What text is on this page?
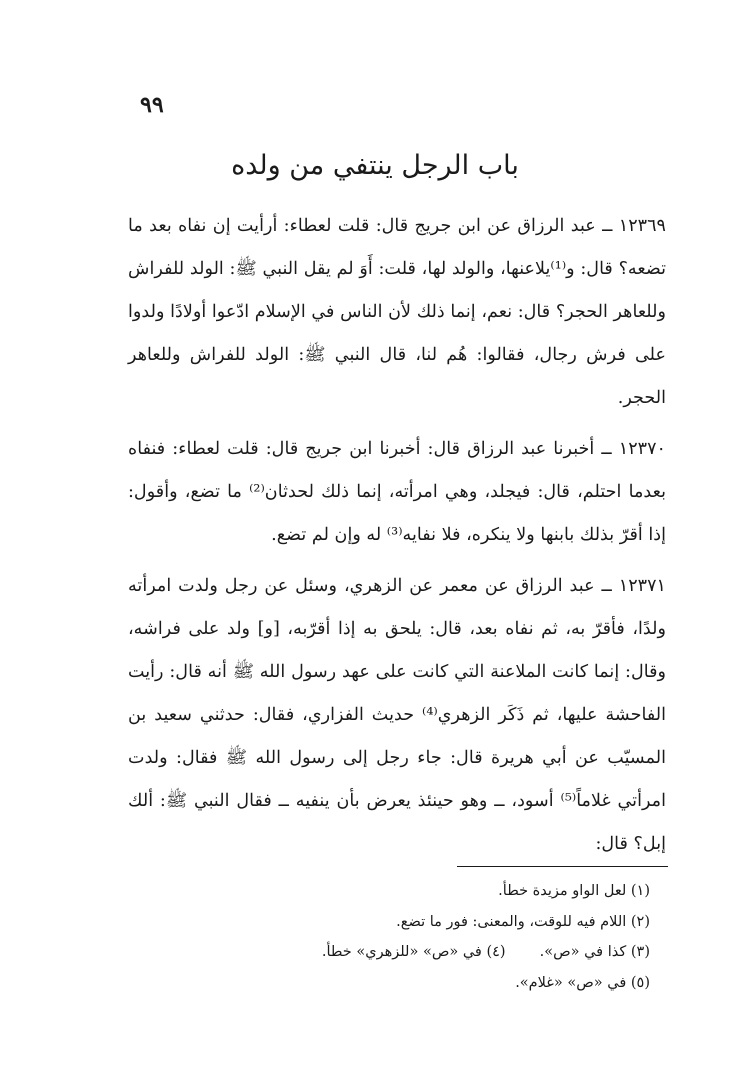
٩٩
باب الرجل ينتفي من ولده

١٢٣٦٩ ــ عبد الرزاق عن ابن جريج قال: قلت لعطاء: أرأيت إن نفاه بعد ما تضعه؟ قال: و⁽¹⁾يلاعنها، والولد لها، قلت: أَوَ لم يقل النبي ﷺ: الولد للفراش وللعاهر الحجر؟ قال: نعم، إنما ذلك لأن الناس في الإسلام ادّعوا أولادًا ولدوا على فرش رجال، فقالوا: هُم لنا، قال النبي ﷺ: الولد للفراش وللعاهر الحجر.

١٢٣٧٠ ــ أخبرنا عبد الرزاق قال: أخبرنا ابن جريج قال: قلت لعطاء: فنفاه بعدما احتلم، قال: فيجلد، وهي امرأته، إنما ذلك لحدثان⁽²⁾ ما تضع، وأقول: إذا أقرّ بذلك بابنها ولا ينكره، فلا نفايه⁽³⁾ له وإن لم تضع.

١٢٣٧١ ــ عبد الرزاق عن معمر عن الزهري، وسئل عن رجل ولدت امرأته ولدًا، فأقرّ به، ثم نفاه بعد، قال: يلحق به إذا أقرّبه، [و] ولد على فراشه، وقال: إنما كانت الملاعنة التي كانت على عهد رسول الله ﷺ أنه قال: رأيت الفاحشة عليها، ثم ذَكَر الزهري⁽⁴⁾ حديث الفزاري، فقال: حدثني سعيد بن المسيّب عن أبي هريرة قال: جاء رجل إلى رسول الله ﷺ فقال: ولدت امرأتي غلاماً⁽⁵⁾ أسود، ــ وهو حينئذ يعرض بأن ينفيه ــ فقال النبي ﷺ: ألك إبل؟ قال:

(١) لعل الواو مزيدة خطأ.
(٢) اللام فيه للوقت، والمعنى: فور ما تضع.
(٣) كذا في «ص».(٤) في «ص» «للزهري» خطأ.
(٥) في «ص» «غلام».
